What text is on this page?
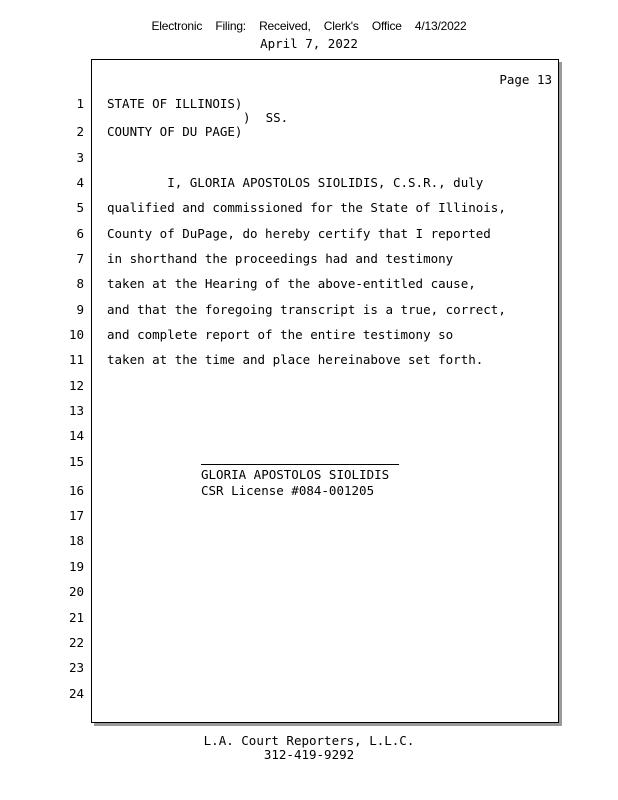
Electronic Filing: Received, Clerk's Office 4/13/2022
April 7, 2022
Page 13
1
2
3
4
5
6
7
8
9
10
11
12
13
14
15
16
17
18
19
20
21
22
23
24
STATE OF ILLINOIS)
)  SS.
COUNTY OF DU PAGE)
I, GLORIA APOSTOLOS SIOLIDIS, C.S.R., duly
qualified and commissioned for the State of Illinois,
County of DuPage, do hereby certify that I reported
in shorthand the proceedings had and testimony
taken at the Hearing of the above-entitled cause,
and that the foregoing transcript is a true, correct,
and complete report of the entire testimony so
taken at the time and place hereinabove set forth.
GLORIA APOSTOLOS SIOLIDIS
CSR License #084-001205
L.A. Court Reporters, L.L.C.
312-419-9292
